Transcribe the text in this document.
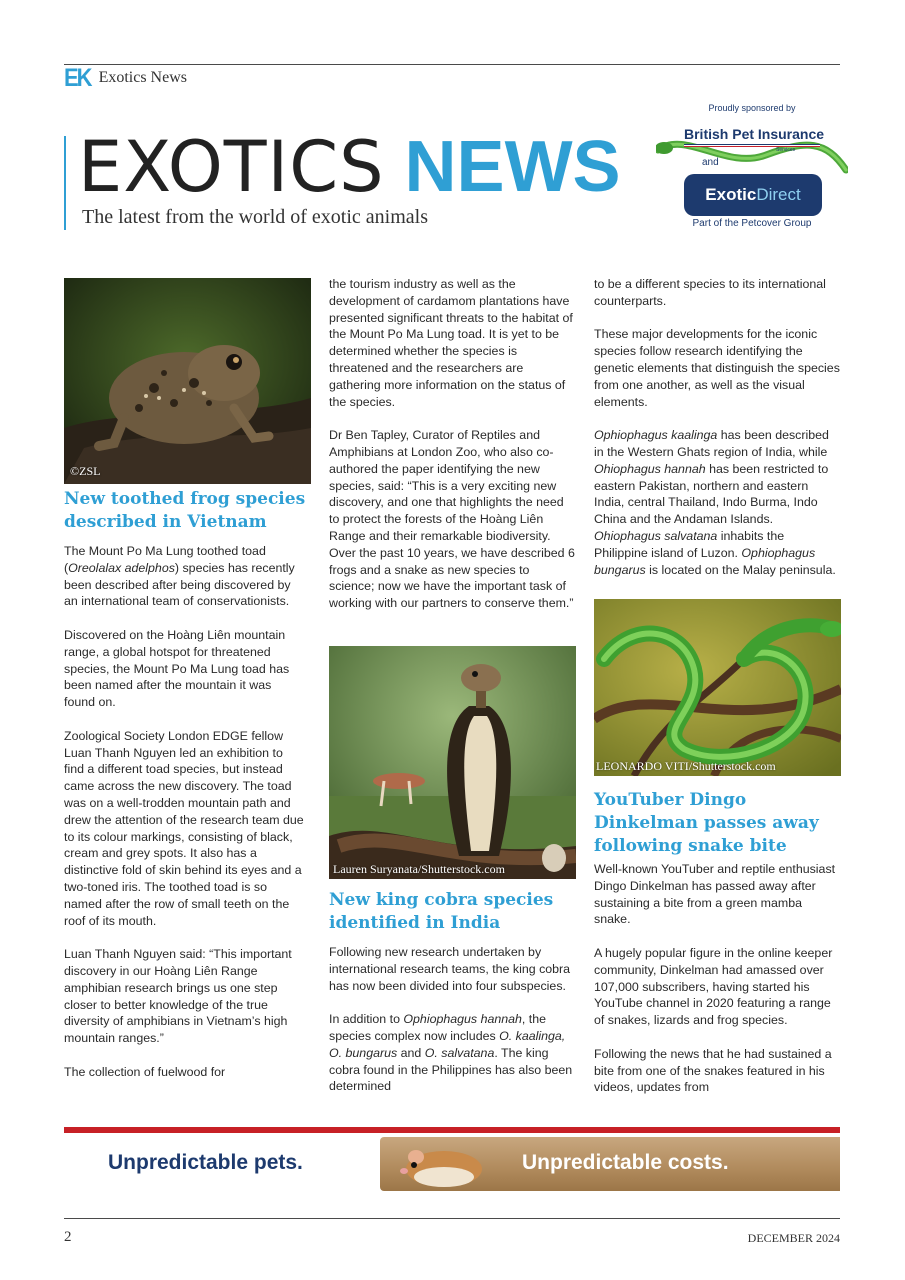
EK Exotics News
EXOTICS NEWS
The latest from the world of exotic animals
Proudly sponsored by
British Pet Insurance
Services
and
Exotic Direct
Part of the Petcover Group
©ZSL
New toothed frog species described in Vietnam

The Mount Po Ma Lung toothed toad (Oreolalax adelphos) species has recently been described after being discovered by an international team of conservationists.

Discovered on the Hoàng Liên mountain range, a global hotspot for threatened species, the Mount Po Ma Lung toad has been named after the mountain it was found on.

Zoological Society London EDGE fellow Luan Thanh Nguyen led an exhibition to find a different toad species, but instead came across the new discovery. The toad was on a well-trodden mountain path and drew the attention of the research team due to its colour markings, consisting of black, cream and grey spots. It also has a distinctive fold of skin behind its eyes and a two-toned iris. The toothed toad is so named after the row of small teeth on the roof of its mouth.

Luan Thanh Nguyen said: “This important discovery in our Hoàng Liên Range amphibian research brings us one step closer to better knowledge of the true diversity of amphibians in Vietnam’s high mountain ranges.”

The collection of fuelwood for

the tourism industry as well as the development of cardamom plantations have presented significant threats to the habitat of the Mount Po Ma Lung toad. It is yet to be determined whether the species is threatened and the researchers are gathering more information on the status of the species.

Dr Ben Tapley, Curator of Reptiles and Amphibians at London Zoo, who also co-authored the paper identifying the new species, said: “This is a very exciting new discovery, and one that highlights the need to protect the forests of the Hoàng Liên Range and their remarkable biodiversity. Over the past 10 years, we have described 6 frogs and a snake as new species to science; now we have the important task of working with our partners to conserve them.”

Lauren Suryanata/Shutterstock.com
New king cobra species identified in India

Following new research undertaken by international research teams, the king cobra has now been divided into four subspecies.

In addition to Ophiophagus hannah, the species complex now includes O. kaalinga, O. bungarus and O. salvatana. The king cobra found in the Philippines has also been determined

to be a different species to its international counterparts.

These major developments for the iconic species follow research identifying the genetic elements that distinguish the species from one another, as well as the visual elements.

Ophiophagus kaalinga has been described in the Western Ghats region of India, while Ohiophagus hannah has been restricted to eastern Pakistan, northern and eastern India, central Thailand, Indo Burma, Indo China and the Andaman Islands. Ohiophagus salvatana inhabits the Philippine island of Luzon. Ophiophagus bungarus is located on the Malay peninsula.

LEONARDO VITI/Shutterstock.com
YouTuber Dingo Dinkelman passes away following snake bite

Well-known YouTuber and reptile enthusiast Dingo Dinkelman has passed away after sustaining a bite from a green mamba snake.

A hugely popular figure in the online keeper community, Dinkelman had amassed over 107,000 subscribers, having started his YouTube channel in 2020 featuring a range of snakes, lizards and frog species.

Following the news that he had sustained a bite from one of the snakes featured in his videos, updates from

Unpredictable pets.	Unpredictable costs.
2	DECEMBER 2024
